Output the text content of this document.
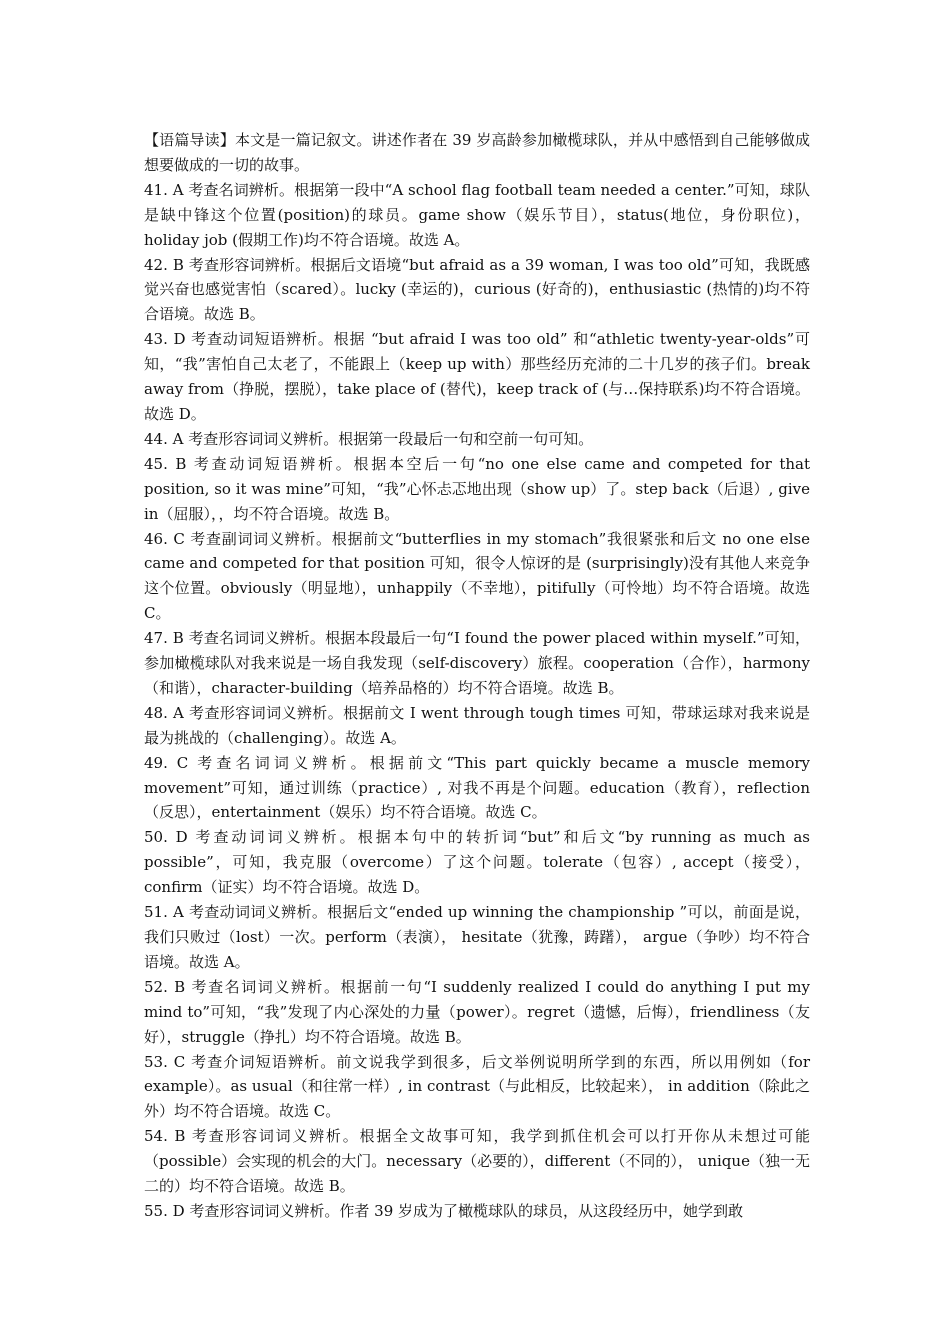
【语篇导读】本文是一篇记叙文。讲述作者在 39 岁高龄参加橄榄球队，并从中感悟到自己能够做成想要做成的一切的故事。

41. A 考查名词辨析。根据第一段中“A school flag football team needed a center.”可知，球队是缺中锋这个位置(position)的球员。game show（娱乐节目），status(地位，身份职位)，holiday job (假期工作)均不符合语境。故选 A。

42. B 考查形容词辨析。根据后文语境“but afraid as a 39 woman, I was too old”可知，我既感觉兴奋也感觉害怕（scared）。lucky (幸运的)，curious (好奇的)，enthusiastic (热情的)均不符合语境。故选 B。

43. D 考查动词短语辨析。根据 “but afraid I was too old” 和“athletic twenty-year-olds”可知，“我”害怕自己太老了，不能跟上（keep up with）那些经历充沛的二十几岁的孩子们。break away from（挣脱，摆脱），take place of (替代)，keep track of (与…保持联系)均不符合语境。故选 D。

44. A 考查形容词词义辨析。根据第一段最后一句和空前一句可知。

45. B 考查动词短语辨析。根据本空后一句“no one else came and competed for that position, so it was mine”可知，“我”心怀忐忑地出现（show up）了。step back（后退）, give in（屈服），，均不符合语境。故选 B。

46. C 考查副词词义辨析。根据前文“butterflies in my stomach”我很紧张和后文 no one else came and competed for that position 可知，很令人惊讶的是 (surprisingly)没有其他人来竞争这个位置。obviously（明显地），unhappily（不幸地），pitifully（可怜地）均不符合语境。故选 C。

47. B 考查名词词义辨析。根据本段最后一句“I found the power placed within myself.”可知，参加橄榄球队对我来说是一场自我发现（self-discovery）旅程。cooperation（合作），harmony（和谐），character-building（培养品格的）均不符合语境。故选 B。

48. A 考查形容词词义辨析。根据前文 I went through tough times 可知，带球运球对我来说是最为挑战的（challenging）。故选 A。

49. C 考查名词词义辨析。根据前文“This part quickly became a muscle memory movement”可知，通过训练（practice）, 对我不再是个问题。education（教育），reflection（反思），entertainment（娱乐）均不符合语境。故选 C。

50. D 考查动词词义辨析。根据本句中的转折词“but”和后文“by running as much as possible”，可知，我克服（overcome）了这个问题。tolerate（包容）, accept（接受），confirm（证实）均不符合语境。故选 D。

51. A 考查动词词义辨析。根据后文“ended up winning the championship ”可以，前面是说，我们只败过（lost）一次。perform（表演）， hesitate（犹豫，踌躇）， argue（争吵）均不符合语境。故选 A。

52. B 考查名词词义辨析。根据前一句“I suddenly realized I could do anything I put my mind to”可知，“我”发现了内心深处的力量（power）。regret（遗憾，后悔），friendliness（友好），struggle（挣扎）均不符合语境。故选 B。

53. C 考查介词短语辨析。前文说我学到很多，后文举例说明所学到的东西，所以用例如（for example）。as usual（和往常一样）, in contrast（与此相反，比较起来）， in addition（除此之外）均不符合语境。故选 C。

54. B 考查形容词词义辨析。根据全文故事可知，我学到抓住机会可以打开你从未想过可能（possible）会实现的机会的大门。necessary（必要的），different（不同的）， unique（独一无二的）均不符合语境。故选 B。

55. D 考查形容词词义辨析。作者 39 岁成为了橄榄球队的球员，从这段经历中，她学到敢
